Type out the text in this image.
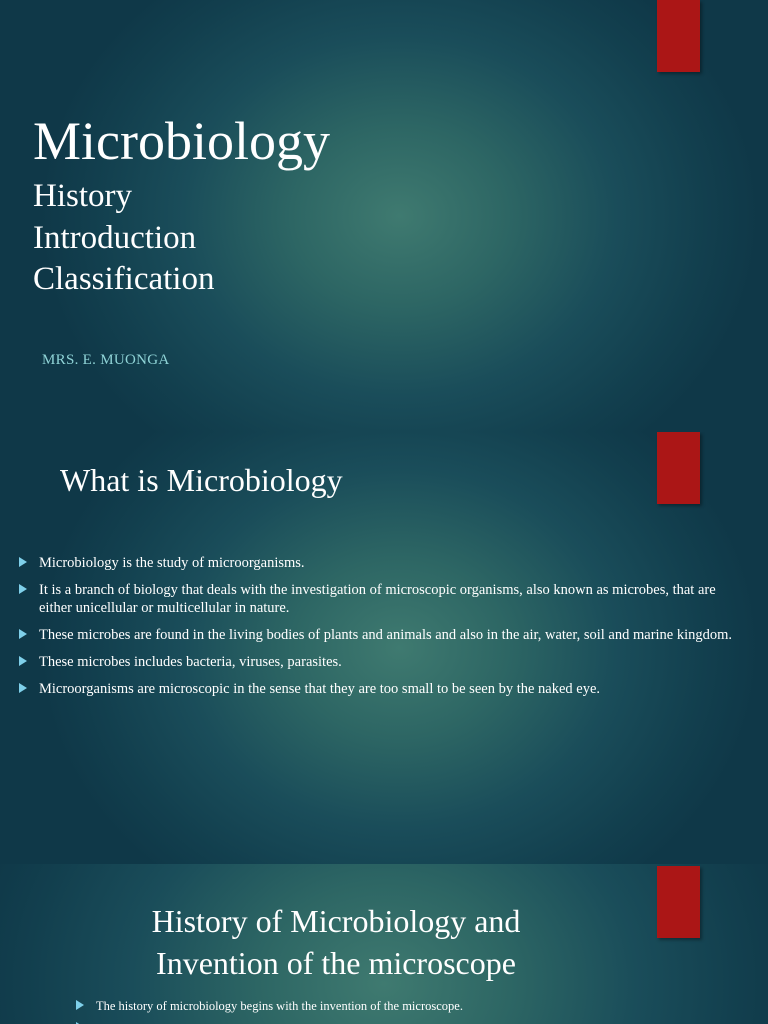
Microbiology
History
Introduction
Classification
MRS. E. MUONGA
What is Microbiology
Microbiology is the study of microorganisms.
It is a branch of biology that deals with the investigation of microscopic organisms, also known as microbes, that are either unicellular or multicellular in nature.
These microbes are found in the living bodies of plants and animals and also in the air, water, soil and marine kingdom.
These microbes includes bacteria, viruses, parasites.
Microorganisms are microscopic in the sense that they are too small to be seen by the naked eye.
History of Microbiology and
Invention of the microscope
The history of microbiology begins with the invention of the microscope.
